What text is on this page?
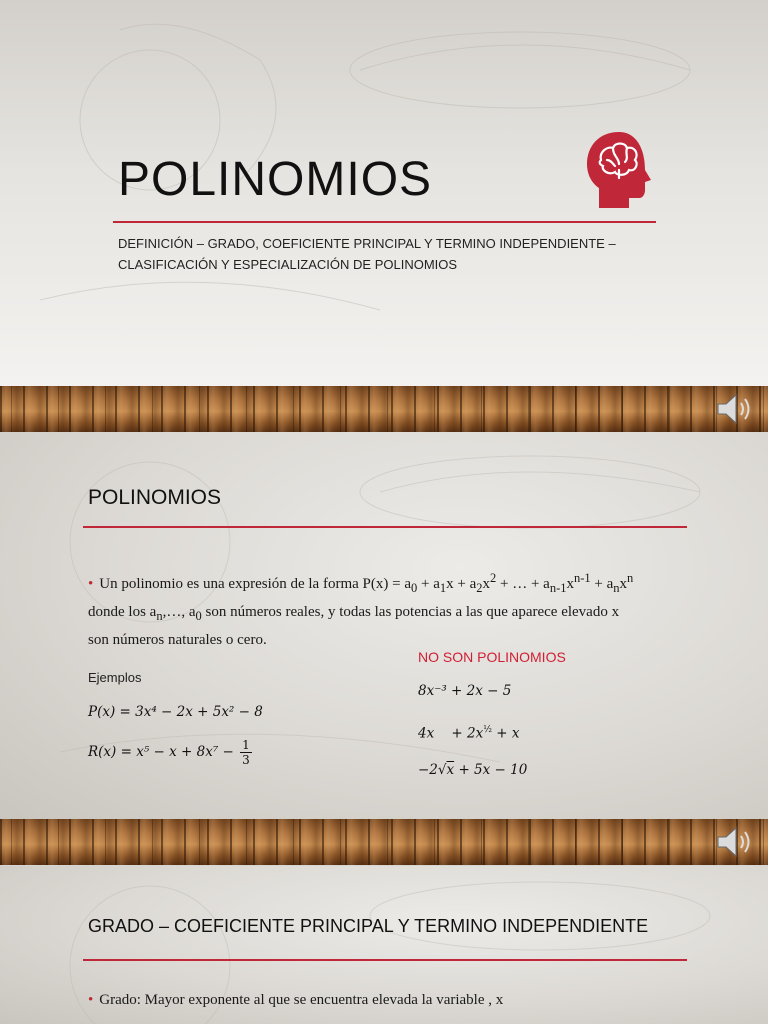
POLINOMIOS

DEFINICIÓN – GRADO, COEFICIENTE PRINCIPAL Y TERMINO INDEPENDIENTE –
CLASIFICACIÓN Y ESPECIALIZACIÓN DE POLINOMIOS

POLINOMIOS

• Un polinomio es una expresión de la forma $P(x) = a_0 + a_1x + a_2x^2$ + … + $a_{n-1}x^{n-1} + a_nx^n$
donde los $a_n,\dots$, $a_0$ son números reales, y todas las potencias a las que aparece elevado x
son números naturales o cero.

Ejemplos
P(x) = 3x⁴ − 2x + 5x² − 8
$R(x) = x^5 - x + 8x^7 - \frac{1}{3}$
NO SON POLINOMIOS
8x⁻³ + 2x − 5
$4x + 2x^{\frac{1}{2}} + x$
−2√x + 5x − 10
GRADO – COEFICIENTE PRINCIPAL Y TERMINO INDEPENDIENTE

• Grado: Mayor exponente al que se encuentra elevada la variable , x
